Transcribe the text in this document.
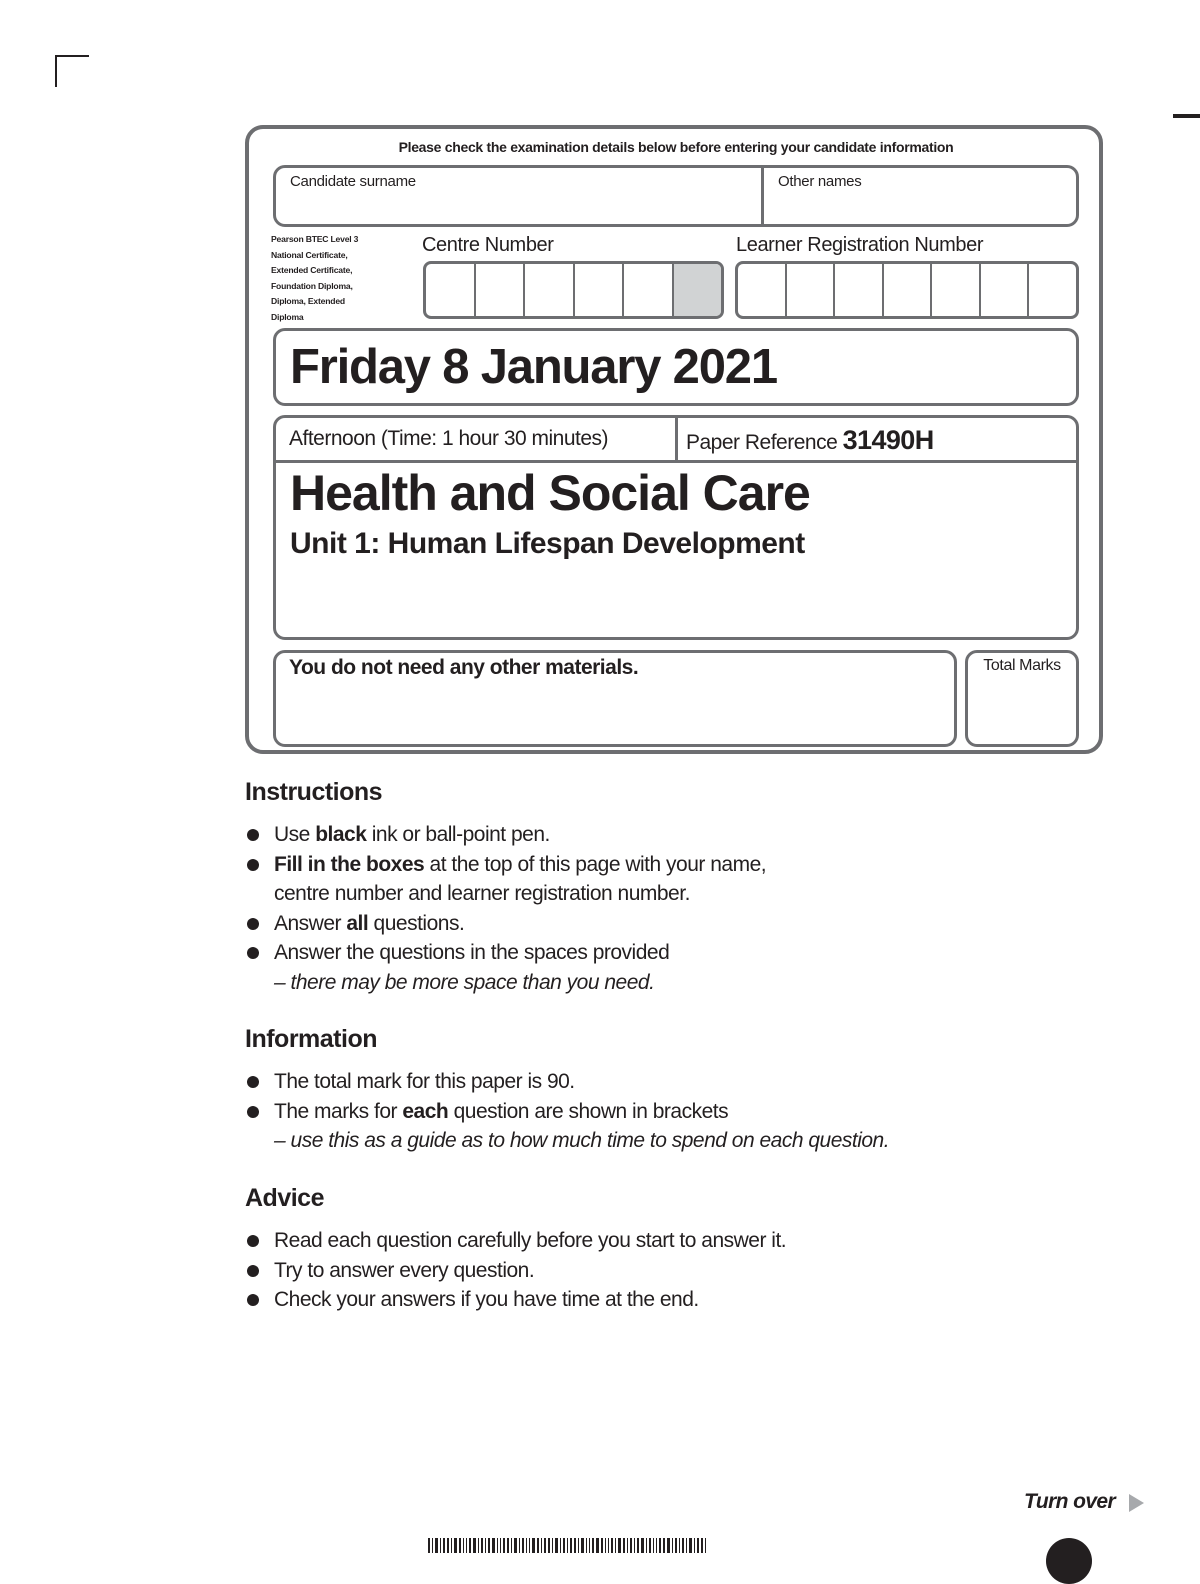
Please check the examination details below before entering your candidate information
Candidate surname	Other names
Pearson BTEC Level 3
National Certificate,
Extended Certificate,
Foundation Diploma,
Diploma, Extended
Diploma
Centre Number	Learner Registration Number
Friday 8 January 2021
Afternoon (Time: 1 hour 30 minutes)	Paper Reference 31490H
Health and Social Care
Unit 1: Human Lifespan Development
You do not need any other materials.	Total Marks
Instructions
Use black ink or ball-point pen.
Fill in the boxes at the top of this page with your name,
centre number and learner registration number.
Answer all questions.
Answer the questions in the spaces provided
– there may be more space than you need.
Information
The total mark for this paper is 90.
The marks for each question are shown in brackets
– use this as a guide as to how much time to spend on each question.
Advice
Read each question carefully before you start to answer it.
Try to answer every question.
Check your answers if you have time at the end.
Turn over
